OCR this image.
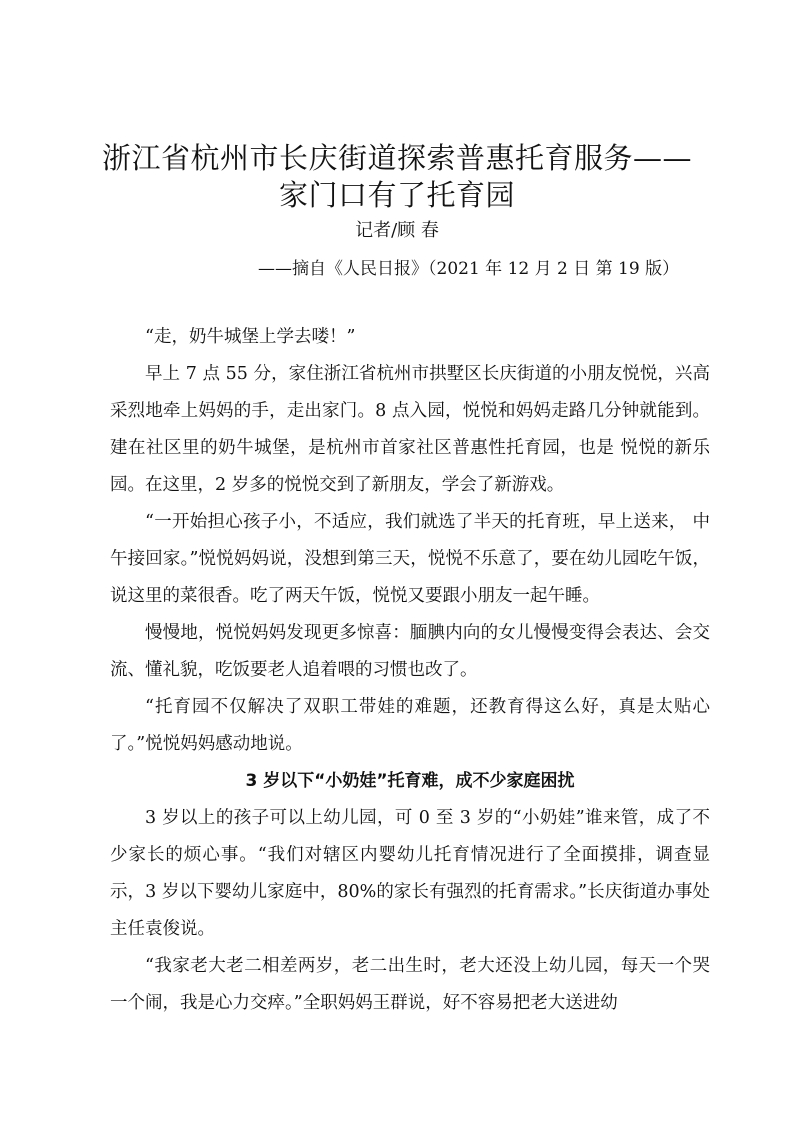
浙江省杭州市长庆街道探索普惠托育服务——
家门口有了托育园
记者/顾 春
——摘自《人民日报》（2021 年 12 月 2 日 第 19 版）

“走，奶牛城堡上学去喽！”

早上 7 点 55 分，家住浙江省杭州市拱墅区长庆街道的小朋友悦悦，兴高采烈地牵上妈妈的手，走出家门。8 点入园，悦悦和妈妈走路几分钟就能到。建在社区里的奶牛城堡，是杭州市首家社区普惠性托育园，也是 悦悦的新乐园。在这里，2 岁多的悦悦交到了新朋友，学会了新游戏。

“一开始担心孩子小，不适应，我们就选了半天的托育班，早上送来， 中午接回家。”悦悦妈妈说，没想到第三天，悦悦不乐意了，要在幼儿园吃午饭，说这里的菜很香。吃了两天午饭，悦悦又要跟小朋友一起午睡。

慢慢地，悦悦妈妈发现更多惊喜：腼腆内向的女儿慢慢变得会表达、会交流、懂礼貌，吃饭要老人追着喂的习惯也改了。

“托育园不仅解决了双职工带娃的难题，还教育得这么好，真是太贴心了。”悦悦妈妈感动地说。

3 岁以下“小奶娃”托育难，成不少家庭困扰

3 岁以上的孩子可以上幼儿园，可 0 至 3 岁的“小奶娃”谁来管，成了不少家长的烦心事。“我们对辖区内婴幼儿托育情况进行了全面摸排，调查显示，3 岁以下婴幼儿家庭中，80%的家长有强烈的托育需求。”长庆街道办事处主任袁俊说。

“我家老大老二相差两岁，老二出生时，老大还没上幼儿园，每天一个哭一个闹，我是心力交瘁。”全职妈妈王群说，好不容易把老大送进幼
